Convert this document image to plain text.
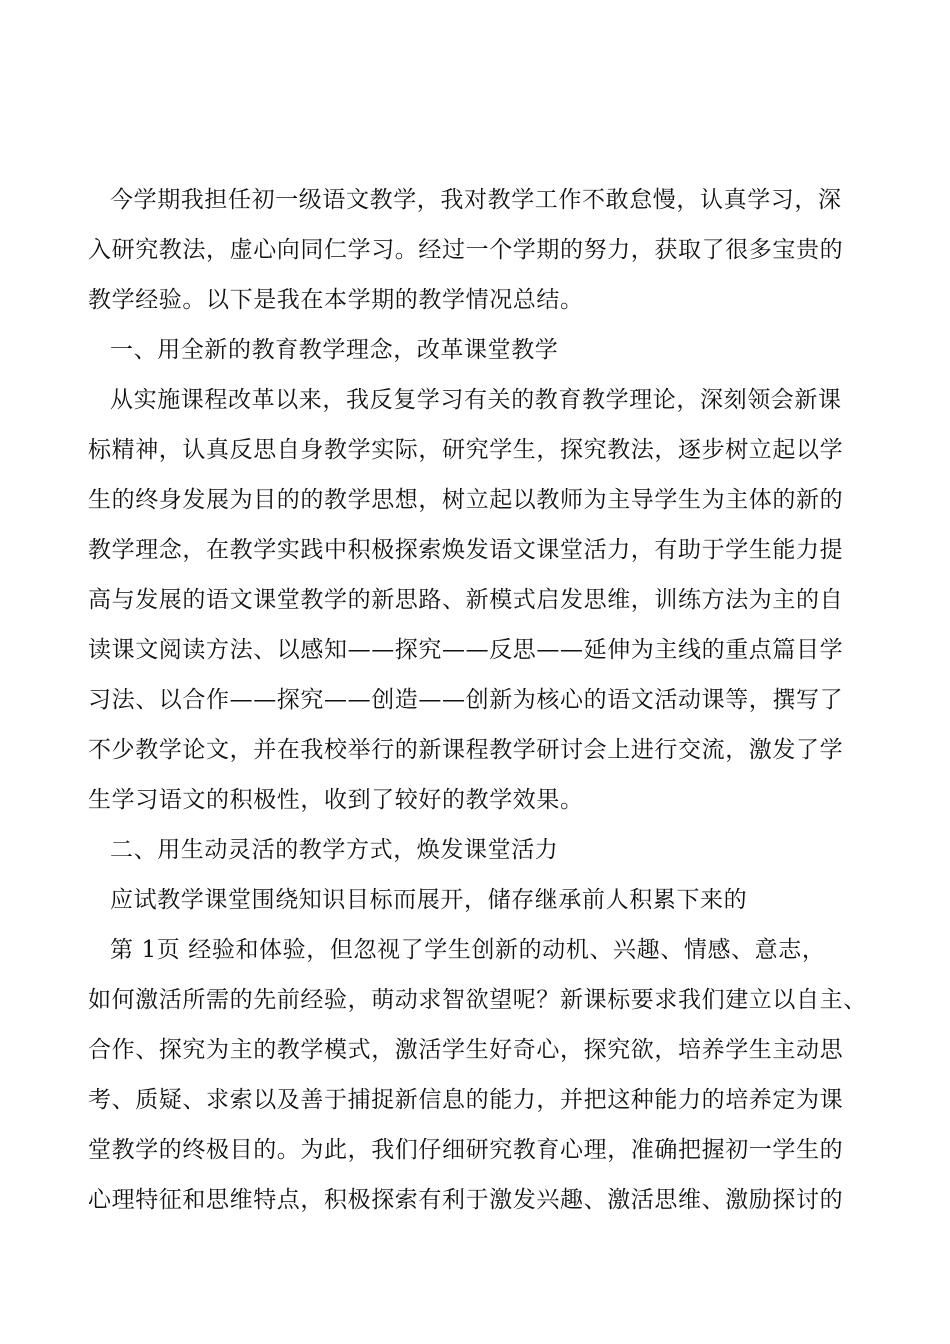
今学期我担任初一级语文教学，我对教学工作不敢怠慢，认真学习，深
入研究教法，虚心向同仁学习。经过一个学期的努力，获取了很多宝贵的
教学经验。以下是我在本学期的教学情况总结。
一、用全新的教育教学理念，改革课堂教学
从实施课程改革以来，我反复学习有关的教育教学理论，深刻领会新课
标精神，认真反思自身教学实际，研究学生，探究教法，逐步树立起以学
生的终身发展为目的的教学思想，树立起以教师为主导学生为主体的新的
教学理念，在教学实践中积极探索焕发语文课堂活力，有助于学生能力提
高与发展的语文课堂教学的新思路、新模式启发思维，训练方法为主的自
读课文阅读方法、以感知——探究——反思——延伸为主线的重点篇目学
习法、以合作——探究——创造——创新为核心的语文活动课等，撰写了
不少教学论文，并在我校举行的新课程教学研讨会上进行交流，激发了学
生学习语文的积极性，收到了较好的教学效果。
二、用生动灵活的教学方式，焕发课堂活力
应试教学课堂围绕知识目标而展开，储存继承前人积累下来的
第 1页 经验和体验，但忽视了学生创新的动机、兴趣、情感、意志，
如何激活所需的先前经验，萌动求智欲望呢？新课标要求我们建立以自主、
合作、探究为主的教学模式，激活学生好奇心，探究欲，培养学生主动思
考、质疑、求索以及善于捕捉新信息的能力，并把这种能力的培养定为课
堂教学的终极目的。为此，我们仔细研究教育心理，准确把握初一学生的
心理特征和思维特点，积极探索有利于激发兴趣、激活思维、激励探讨的
